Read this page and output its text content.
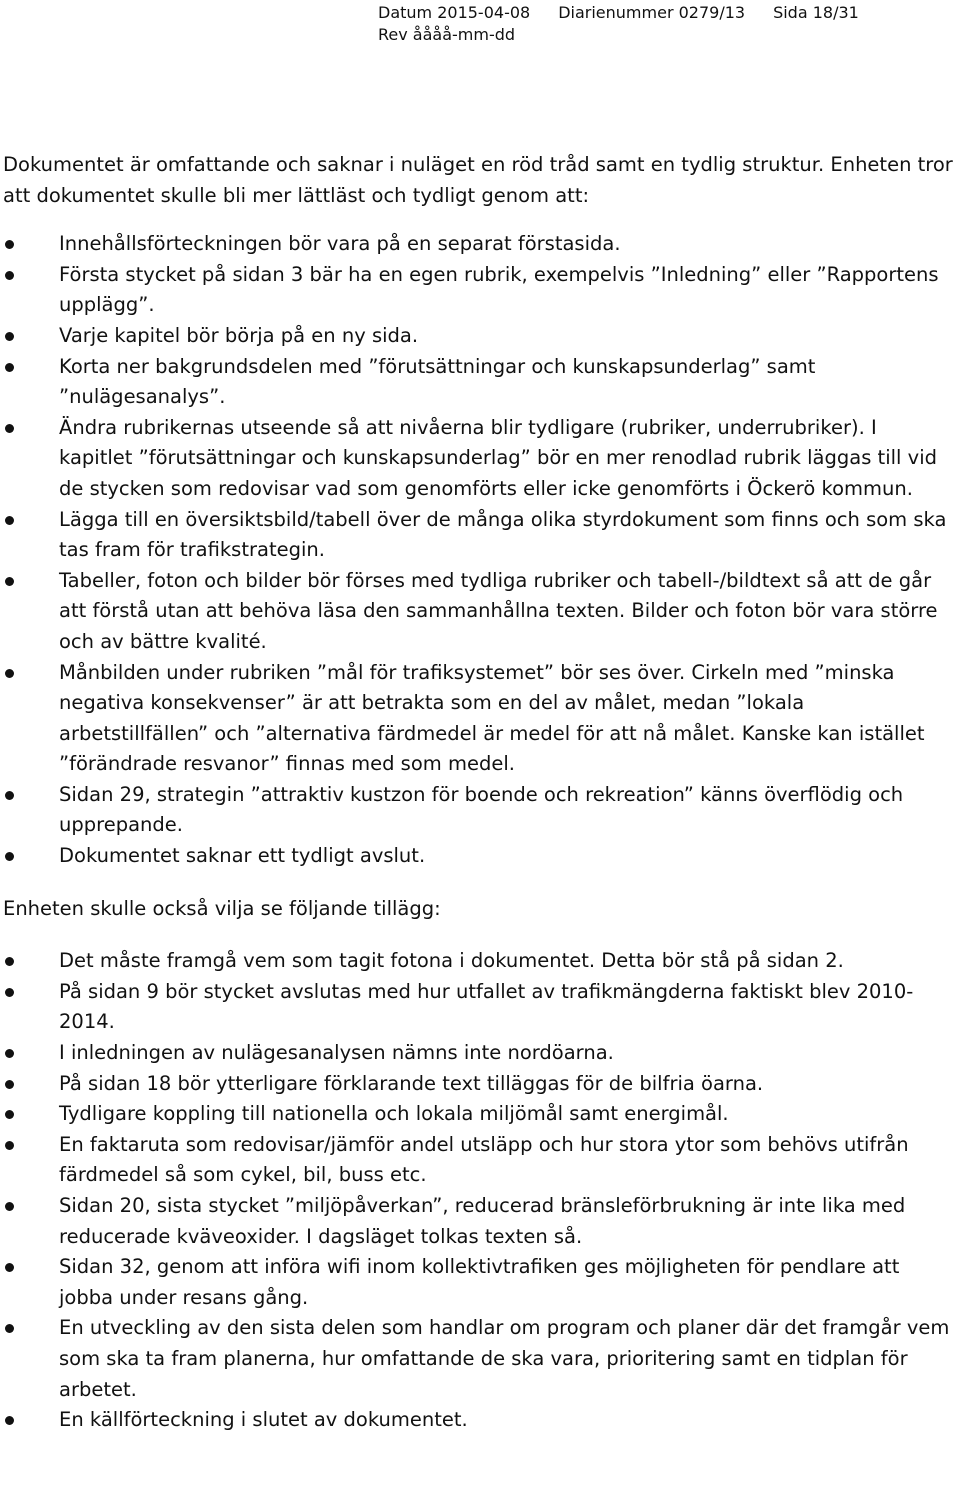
Datum 2015-04-08 Diarienummer 0279/13 Sida 18/31
Rev åååå-mm-dd

Dokumentet är omfattande och saknar i nuläget en röd tråd samt en tydlig struktur. Enheten tror att dokumentet skulle bli mer lättläst och tydligt genom att:

Innehållsförteckningen bör vara på en separat förstasida.
Första stycket på sidan 3 bär ha en egen rubrik, exempelvis ”Inledning” eller ”Rapportens upplägg”.
Varje kapitel bör börja på en ny sida.
Korta ner bakgrundsdelen med ”förutsättningar och kunskapsunderlag” samt ”nulägesanalys”.
Ändra rubrikernas utseende så att nivåerna blir tydligare (rubriker, underrubriker). I kapitlet ”förutsättningar och kunskapsunderlag” bör en mer renodlad rubrik läggas till vid de stycken som redovisar vad som genomförts eller icke genomförts i Öckerö kommun.
Lägga till en översiktsbild/tabell över de många olika styrdokument som finns och som ska tas fram för trafikstrategin.
Tabeller, foton och bilder bör förses med tydliga rubriker och tabell-/bildtext så att de går att förstå utan att behöva läsa den sammanhållna texten. Bilder och foton bör vara större och av bättre kvalité.
Månbilden under rubriken ”mål för trafiksystemet” bör ses över. Cirkeln med ”minska negativa konsekvenser” är att betrakta som en del av målet, medan ”lokala arbetstillfällen” och ”alternativa färdmedel är medel för att nå målet. Kanske kan istället ”förändrade resvanor” finnas med som medel.
Sidan 29, strategin ”attraktiv kustzon för boende och rekreation” känns överflödig och upprepande.
Dokumentet saknar ett tydligt avslut.

Enheten skulle också vilja se följande tillägg:

Det måste framgå vem som tagit fotona i dokumentet. Detta bör stå på sidan 2.
På sidan 9 bör stycket avslutas med hur utfallet av trafikmängderna faktiskt blev 2010-2014.
I inledningen av nulägesanalysen nämns inte nordöarna.
På sidan 18 bör ytterligare förklarande text tilläggas för de bilfria öarna.
Tydligare koppling till nationella och lokala miljömål samt energimål.
En faktaruta som redovisar/jämför andel utsläpp och hur stora ytor som behövs utifrån färdmedel så som cykel, bil, buss etc.
Sidan 20, sista stycket ”miljöpåverkan”, reducerad bränsleförbrukning är inte lika med reducerade kväveoxider. I dagsläget tolkas texten så.
Sidan 32, genom att införa wifi inom kollektivtrafiken ges möjligheten för pendlare att jobba under resans gång.
En utveckling av den sista delen som handlar om program och planer där det framgår vem som ska ta fram planerna, hur omfattande de ska vara, prioritering samt en tidplan för arbetet.
En källförteckning i slutet av dokumentet.
